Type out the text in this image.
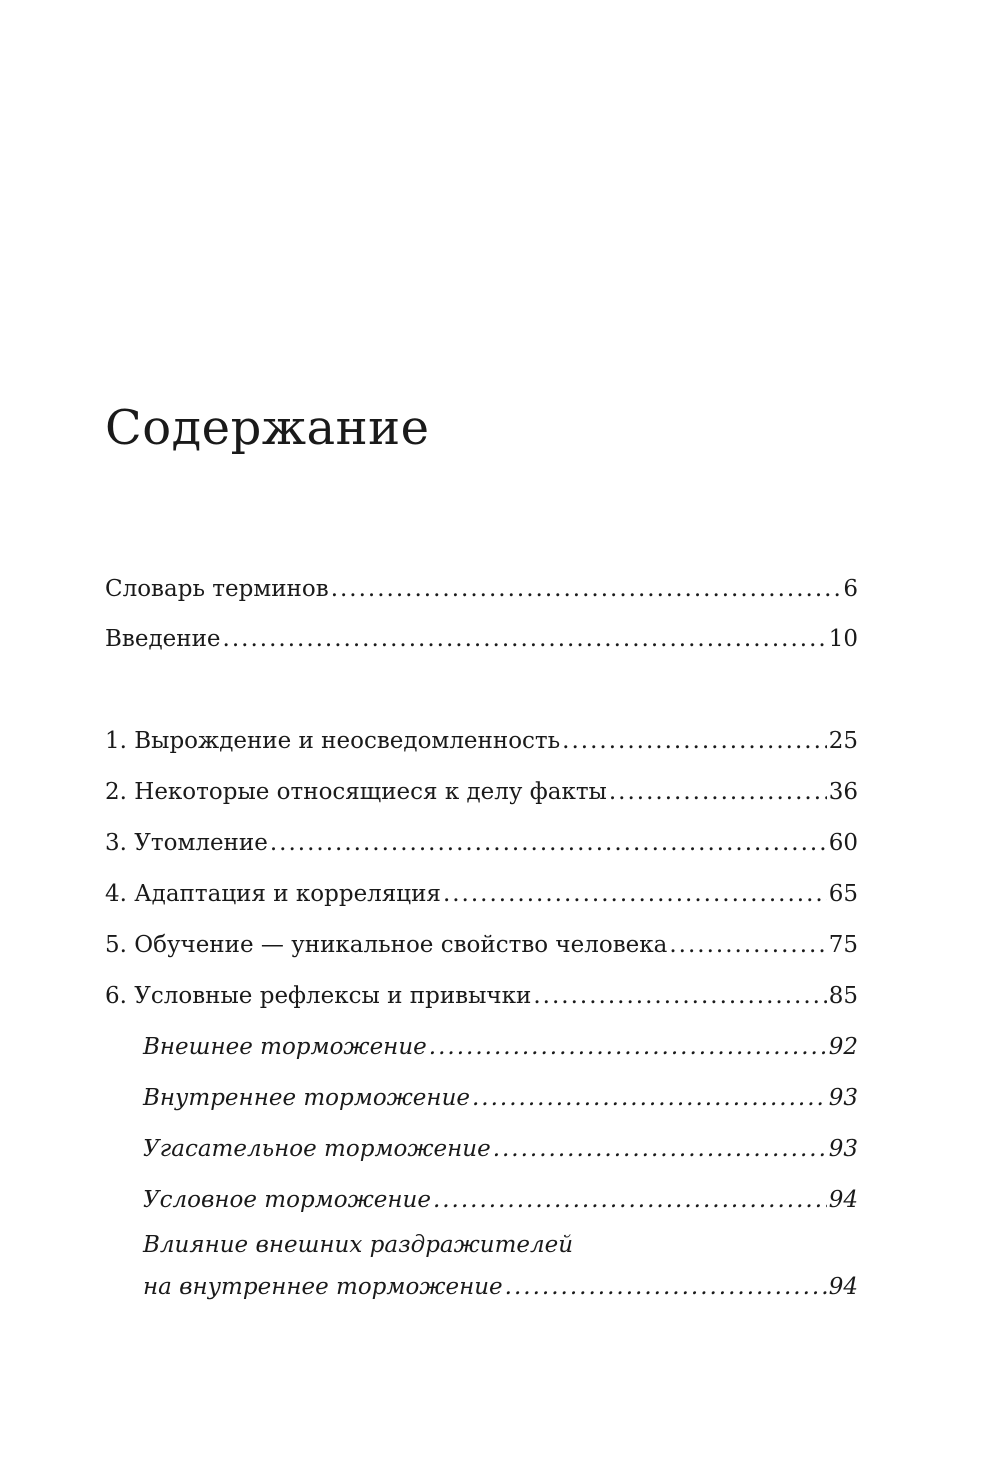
Содержание
Словарь терминов .....	6
Введение .....	10
1. Вырождение и неосведомленность .....	25
2. Некоторые относящиеся к делу факты .....	36
3. Утомление .....	60
4. Адаптация и корреляция .....	65
5. Обучение — уникальное свойство человека .....	75
6. Условные рефлексы и привычки .....	85
Внешнее торможение .....	92
Внутреннее торможение .....	93
Угасательное торможение .....	93
Условное торможение .....	94
Влияние внешних раздражителей
на внутреннее торможение .....	94
